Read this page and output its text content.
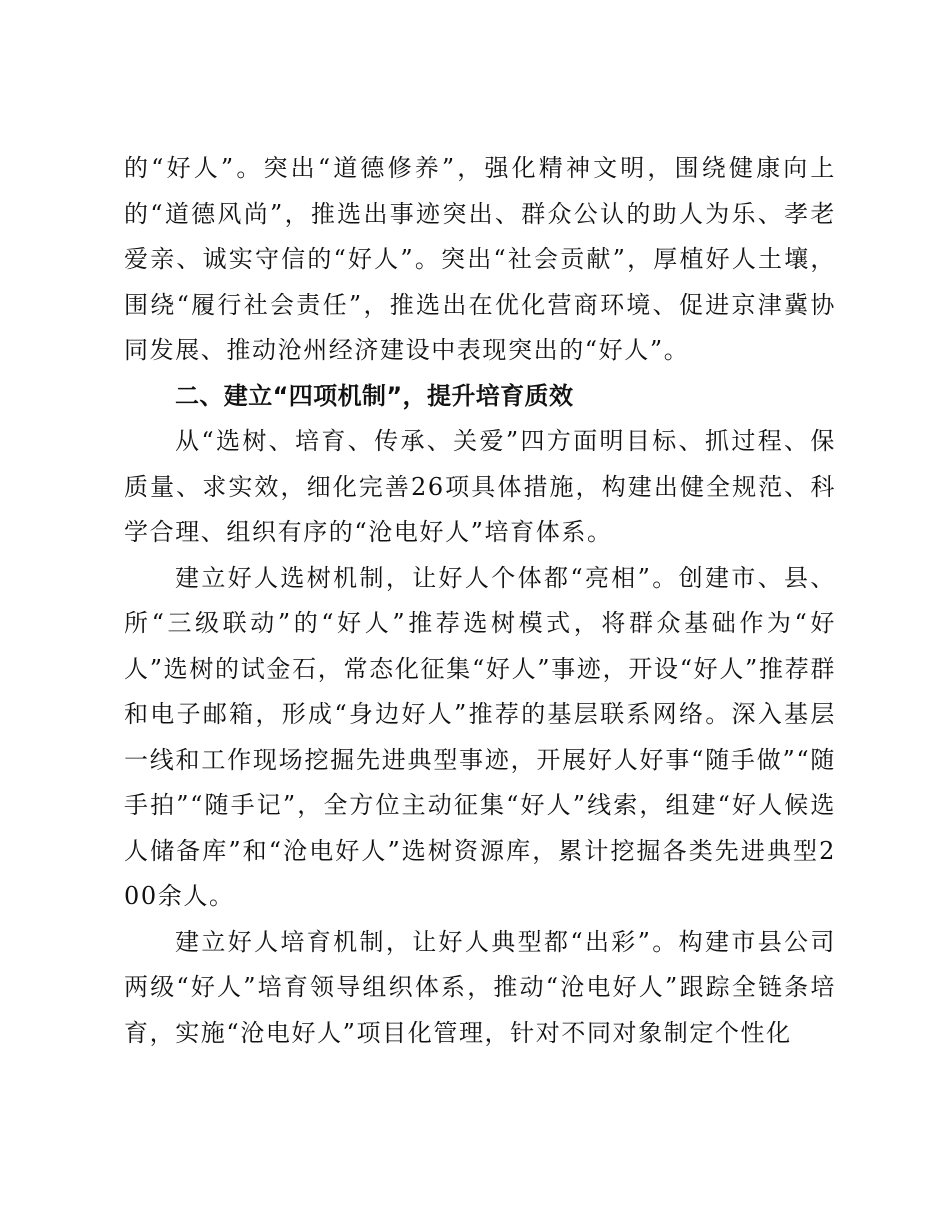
的“好人”。突出“道德修养”，强化精神文明，围绕健康向上的“道德风尚”，推选出事迹突出、群众公认的助人为乐、孝老爱亲、诚实守信的“好人”。突出“社会贡献”，厚植好人土壤，围绕“履行社会责任”，推选出在优化营商环境、促进京津冀协同发展、推动沧州经济建设中表现突出的“好人”。

二、建立“四项机制”，提升培育质效

从“选树、培育、传承、关爱”四方面明目标、抓过程、保质量、求实效，细化完善26项具体措施，构建出健全规范、科学合理、组织有序的“沧电好人”培育体系。

建立好人选树机制，让好人个体都“亮相”。创建市、县、所“三级联动”的“好人”推荐选树模式，将群众基础作为“好人”选树的试金石，常态化征集“好人”事迹，开设“好人”推荐群和电子邮箱，形成“身边好人”推荐的基层联系网络。深入基层一线和工作现场挖掘先进典型事迹，开展好人好事“随手做”“随手拍”“随手记”，全方位主动征集“好人”线索，组建“好人候选人储备库”和“沧电好人”选树资源库，累计挖掘各类先进典型200余人。

建立好人培育机制，让好人典型都“出彩”。构建市县公司两级“好人”培育领导组织体系，推动“沧电好人”跟踪全链条培育，实施“沧电好人”项目化管理，针对不同对象制定个性化
